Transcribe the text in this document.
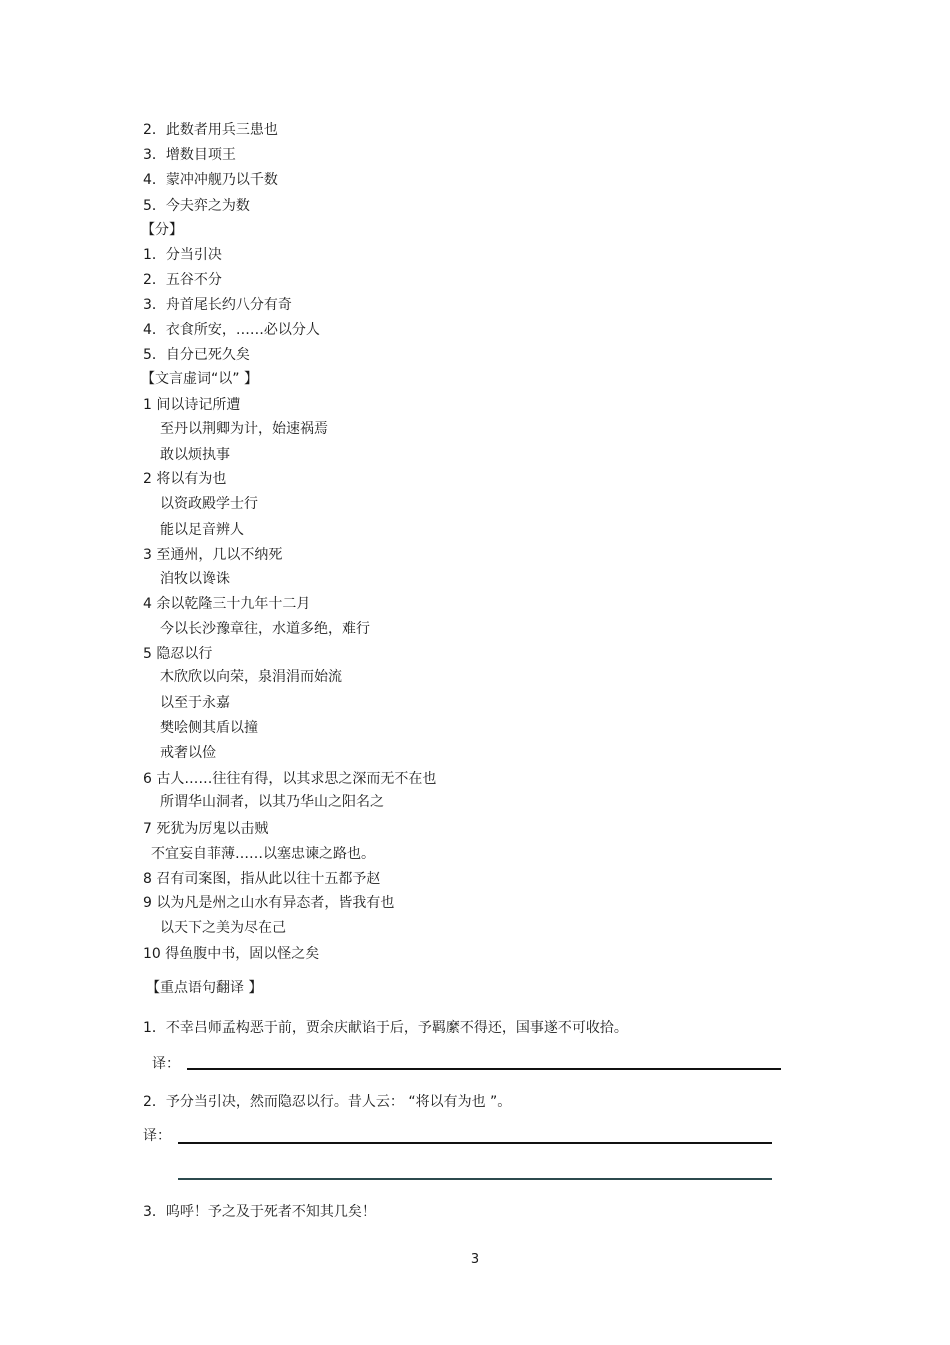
2．此数者用兵三患也

3．增数目项王

4．蒙冲冲舰乃以千数

5．今夫弈之为数

【分】

1．分当引决

2．五谷不分

3．舟首尾长约八分有奇

4．衣食所安，……必以分人

5．自分已死久矣

【文言虚词“以” 】

1 间以诗记所遭

至丹以荆卿为计，始速祸焉

敢以烦执事

2 将以有为也

以资政殿学士行

能以足音辨人

3 至通州，几以不纳死

洎牧以谗诛

4 余以乾隆三十九年十二月

今以长沙豫章往，水道多绝，难行

5 隐忍以行

木欣欣以向荣，泉涓涓而始流

以至于永嘉

樊哙侧其盾以撞

戒奢以俭

6 古人……往往有得，以其求思之深而无不在也

所谓华山洞者，以其乃华山之阳名之

7 死犹为厉鬼以击贼

不宜妄自菲薄……以塞忠谏之路也。

8 召有司案图，指从此以往十五都予赵

9 以为凡是州之山水有异态者，皆我有也

以天下之美为尽在己

10 得鱼腹中书，固以怪之矣

【重点语句翻译 】

1．不幸吕师孟构恶于前，贾余庆献谄于后，予羁縻不得还，国事遂不可收拾。

译：

2．予分当引决，然而隐忍以行。昔人云： “将以有为也 ”。

译：

3．呜呼！予之及于死者不知其几矣！

3
